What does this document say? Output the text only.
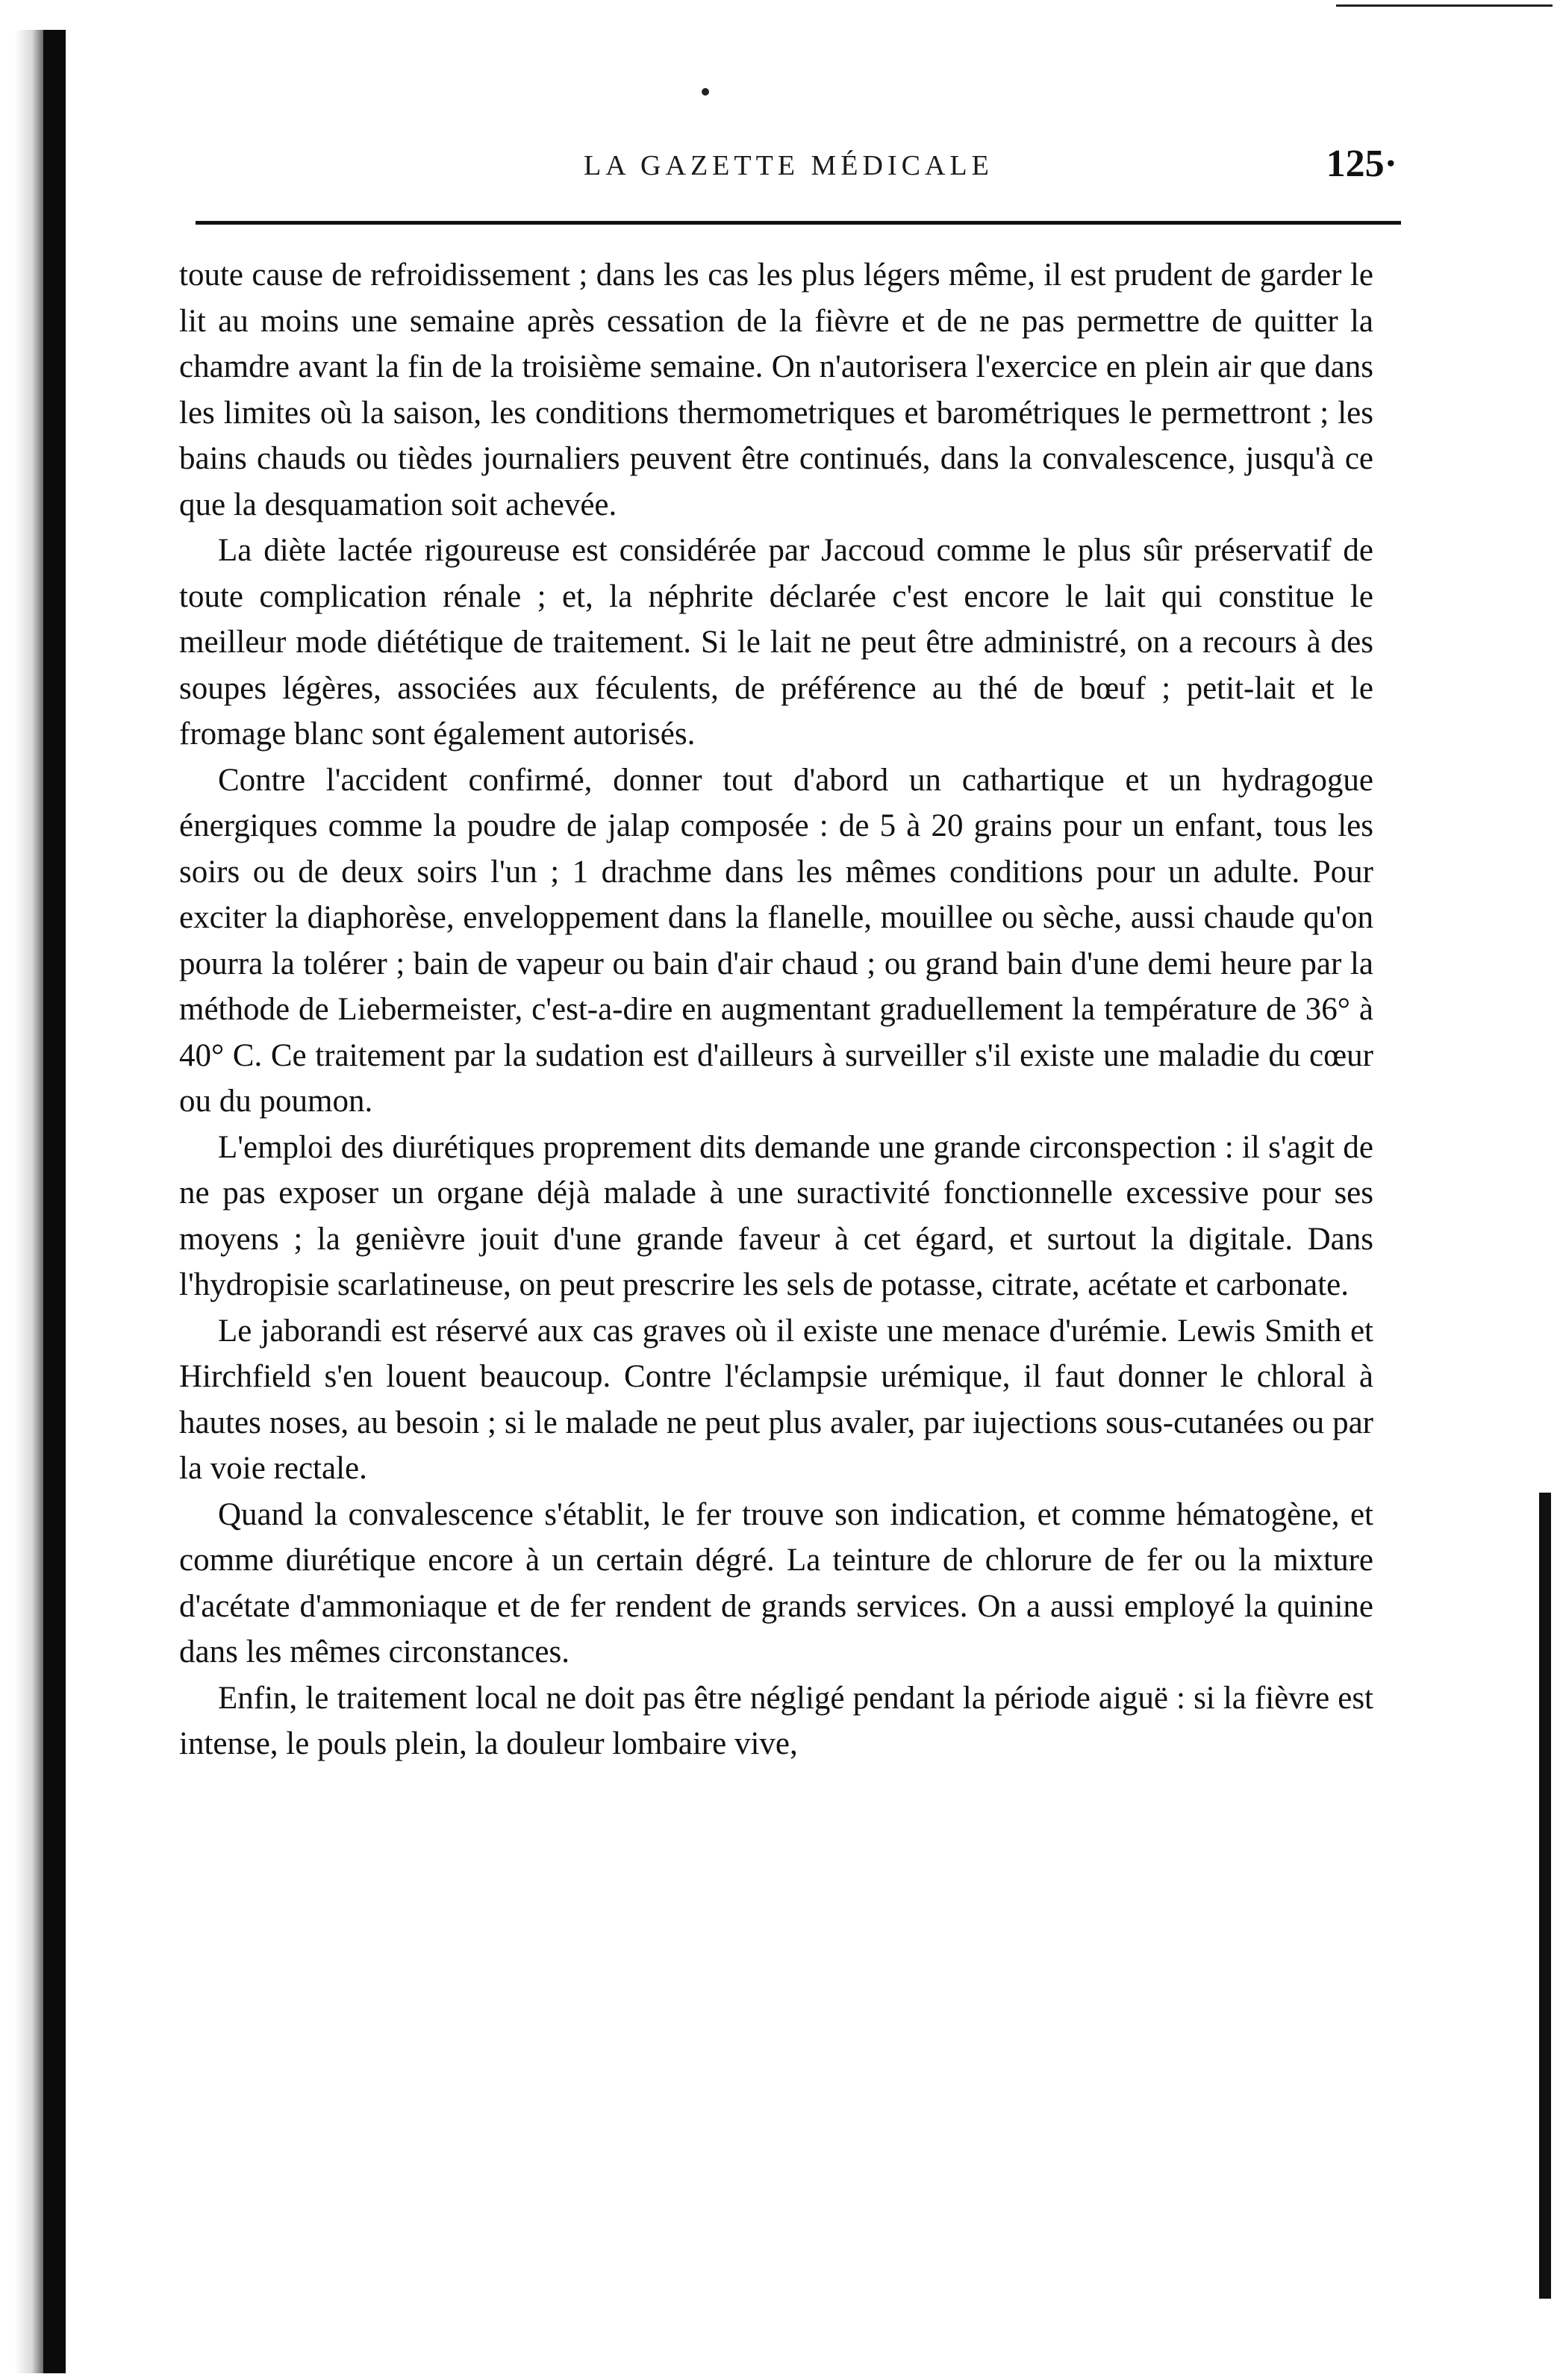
LA GAZETTE MÉDICALE	125·

toute cause de refroidissement ; dans les cas les plus légers même, il est prudent de garder le lit au moins une semaine après cessation de la fièvre et de ne pas permettre de quitter la chamdre avant la fin de la troisième semaine. On n'autorisera l'exercice en plein air que dans les limites où la saison, les conditions thermometriques et barométriques le permettront ; les bains chauds ou tièdes journaliers peuvent être continués, dans la convalescence, jusqu'à ce que la desquamation soit achevée.

La diète lactée rigoureuse est considérée par Jaccoud comme le plus sûr préservatif de toute complication rénale ; et, la néphrite déclarée c'est encore le lait qui constitue le meilleur mode diététique de traitement. Si le lait ne peut être administré, on a recours à des soupes légères, associées aux féculents, de préférence au thé de bœuf ; petit-lait et le fromage blanc sont également autorisés.

Contre l'accident confirmé, donner tout d'abord un cathartique et un hydragogue énergiques comme la poudre de jalap composée : de 5 à 20 grains pour un enfant, tous les soirs ou de deux soirs l'un ; 1 drachme dans les mêmes conditions pour un adulte. Pour exciter la diaphorèse, enveloppement dans la flanelle, mouillee ou sèche, aussi chaude qu'on pourra la tolérer ; bain de vapeur ou bain d'air chaud ; ou grand bain d'une demi heure par la méthode de Liebermeister, c'est-a-dire en augmentant graduellement la température de 36° à 40° C. Ce traitement par la sudation est d'ailleurs à surveiller s'il existe une maladie du cœur ou du poumon.

L'emploi des diurétiques proprement dits demande une grande circonspection : il s'agit de ne pas exposer un organe déjà malade à une suractivité fonctionnelle excessive pour ses moyens ; la genièvre jouit d'une grande faveur à cet égard, et surtout la digitale. Dans l'hydropisie scarlatineuse, on peut prescrire les sels de potasse, citrate, acétate et carbonate.

Le jaborandi est réservé aux cas graves où il existe une menace d'urémie. Lewis Smith et Hirchfield s'en louent beaucoup. Contre l'éclampsie urémique, il faut donner le chloral à hautes noses, au besoin ; si le malade ne peut plus avaler, par iujections sous-cutanées ou par la voie rectale.

Quand la convalescence s'établit, le fer trouve son indication, et comme hématogène, et comme diurétique encore à un certain dégré. La teinture de chlorure de fer ou la mixture d'acétate d'ammoniaque et de fer rendent de grands services. On a aussi employé la quinine dans les mêmes circonstances.

Enfin, le traitement local ne doit pas être négligé pendant la période aiguë : si la fièvre est intense, le pouls plein, la douleur lombaire vive,
